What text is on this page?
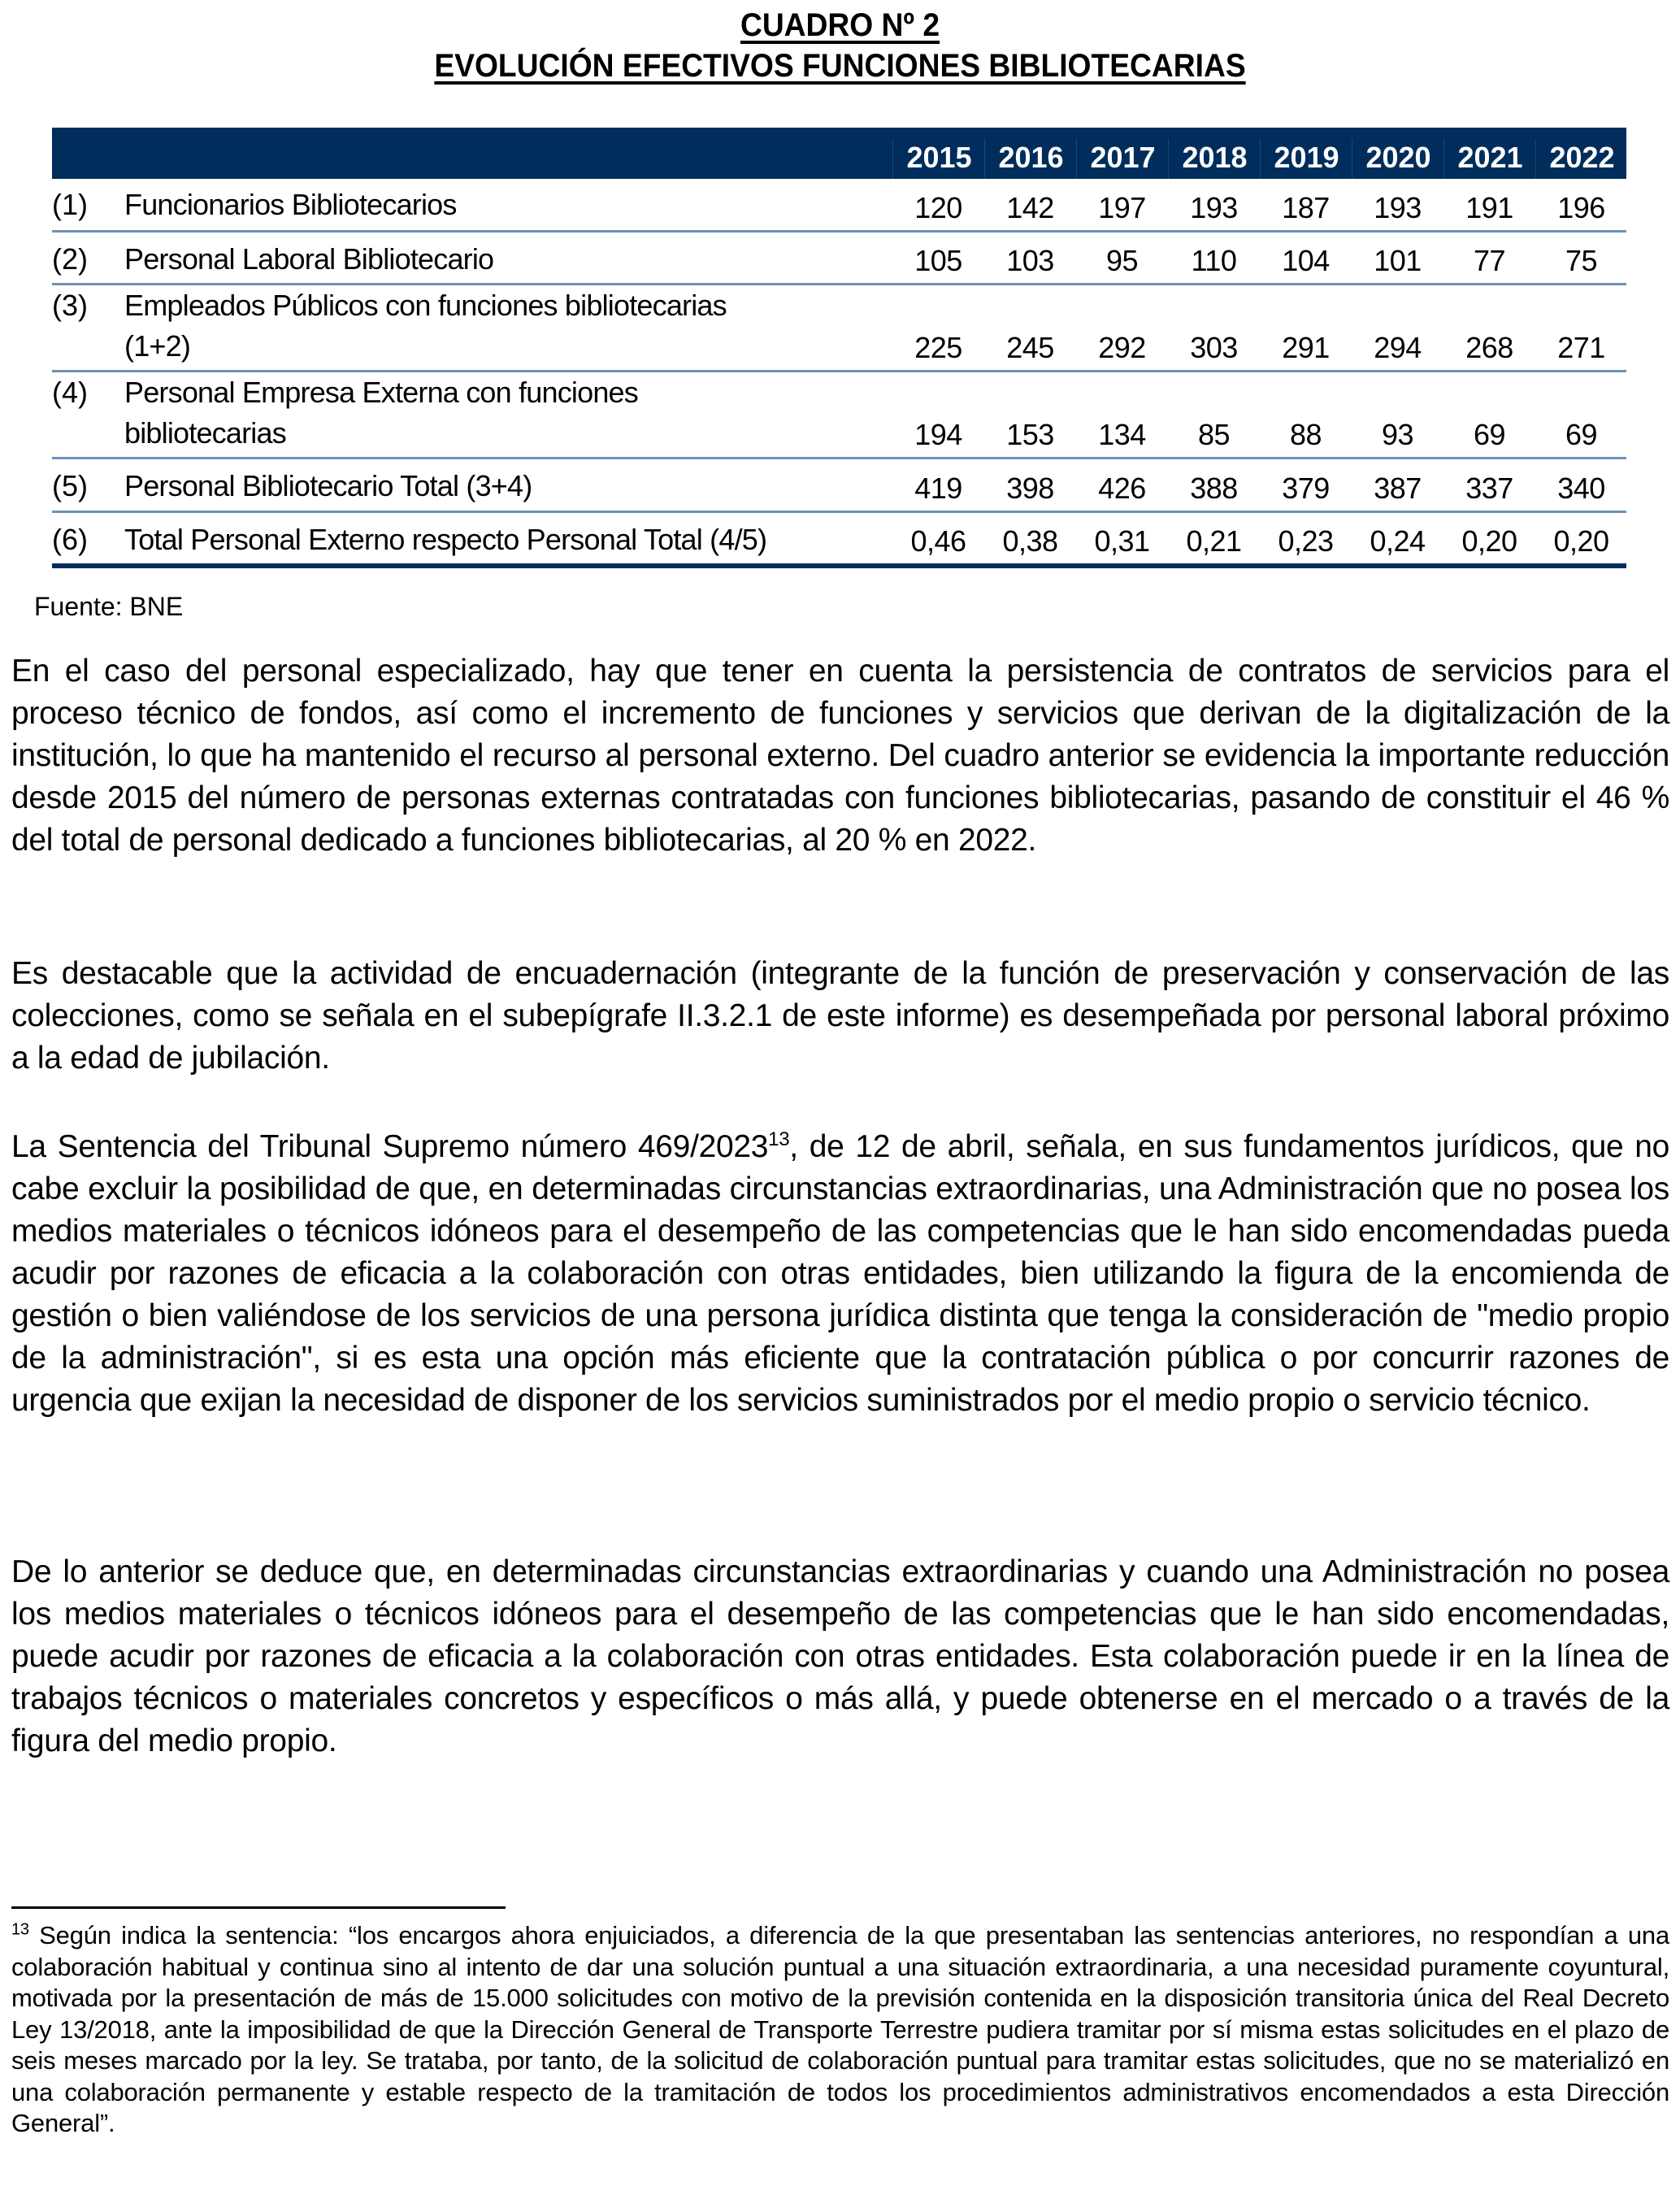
CUADRO Nº 2
EVOLUCIÓN EFECTIVOS FUNCIONES BIBLIOTECARIAS
2015 2016 2017 2018 2019 2020 2021 2022
(1) Funcionarios Bibliotecarios	120	142	197	193	187	193	191	196
(2) Personal Laboral Bibliotecario	105	103	95	110	104	101	77	75
(3) Empleados Públicos con funciones bibliotecarias
(1+2)	225	245	292	303	291	294	268	271
(4) Personal Empresa Externa con funciones
bibliotecarias	194	153	134	85	88	93	69	69
(5) Personal Bibliotecario Total (3+4)	419	398	426	388	379	387	337	340
(6) Total Personal Externo respecto Personal Total (4/5)	0,46	0,38	0,31	0,21	0,23	0,24	0,20	0,20
Fuente: BNE

En el caso del personal especializado, hay que tener en cuenta la persistencia de contratos de servicios para el proceso técnico de fondos, así como el incremento de funciones y servicios que derivan de la digitalización de la institución, lo que ha mantenido el recurso al personal externo. Del cuadro anterior se evidencia la importante reducción desde 2015 del número de personas externas contratadas con funciones bibliotecarias, pasando de constituir el 46 % del total de personal dedicado a funciones bibliotecarias, al 20 % en 2022.

Es destacable que la actividad de encuadernación (integrante de la función de preservación y conservación de las colecciones, como se señala en el subepígrafe II.3.2.1 de este informe) es desempeñada por personal laboral próximo a la edad de jubilación.

La Sentencia del Tribunal Supremo número 469/2023$^{13}$, de 12 de abril, señala, en sus fundamentos jurídicos, que no cabe excluir la posibilidad de que, en determinadas circunstancias extraordinarias, una Administración que no posea los medios materiales o técnicos idóneos para el desempeño de las competencias que le han sido encomendadas pueda acudir por razones de eficacia a la colaboración con otras entidades, bien utilizando la figura de la encomienda de gestión o bien valiéndose de los servicios de una persona jurídica distinta que tenga la consideración de "medio propio de la administración", si es esta una opción más eficiente que la contratación pública o por concurrir razones de urgencia que exijan la necesidad de disponer de los servicios suministrados por el medio propio o servicio técnico.

De lo anterior se deduce que, en determinadas circunstancias extraordinarias y cuando una Administración no posea los medios materiales o técnicos idóneos para el desempeño de las competencias que le han sido encomendadas, puede acudir por razones de eficacia a la colaboración con otras entidades. Esta colaboración puede ir en la línea de trabajos técnicos o materiales concretos y específicos o más allá, y puede obtenerse en el mercado o a través de la figura del medio propio.

$^{13}$ Según indica la sentencia: “los encargos ahora enjuiciados, a diferencia de la que presentaban las sentencias anteriores, no respondían a una colaboración habitual y continua sino al intento de dar una solución puntual a una situación extraordinaria, a una necesidad puramente coyuntural, motivada por la presentación de más de 15.000 solicitudes con motivo de la previsión contenida en la disposición transitoria única del Real Decreto Ley 13/2018, ante la imposibilidad de que la Dirección General de Transporte Terrestre pudiera tramitar por sí misma estas solicitudes en el plazo de seis meses marcado por la ley. Se trataba, por tanto, de la solicitud de colaboración puntual para tramitar estas solicitudes, que no se materializó en una colaboración permanente y estable respecto de la tramitación de todos los procedimientos administrativos encomendados a esta Dirección General”.
